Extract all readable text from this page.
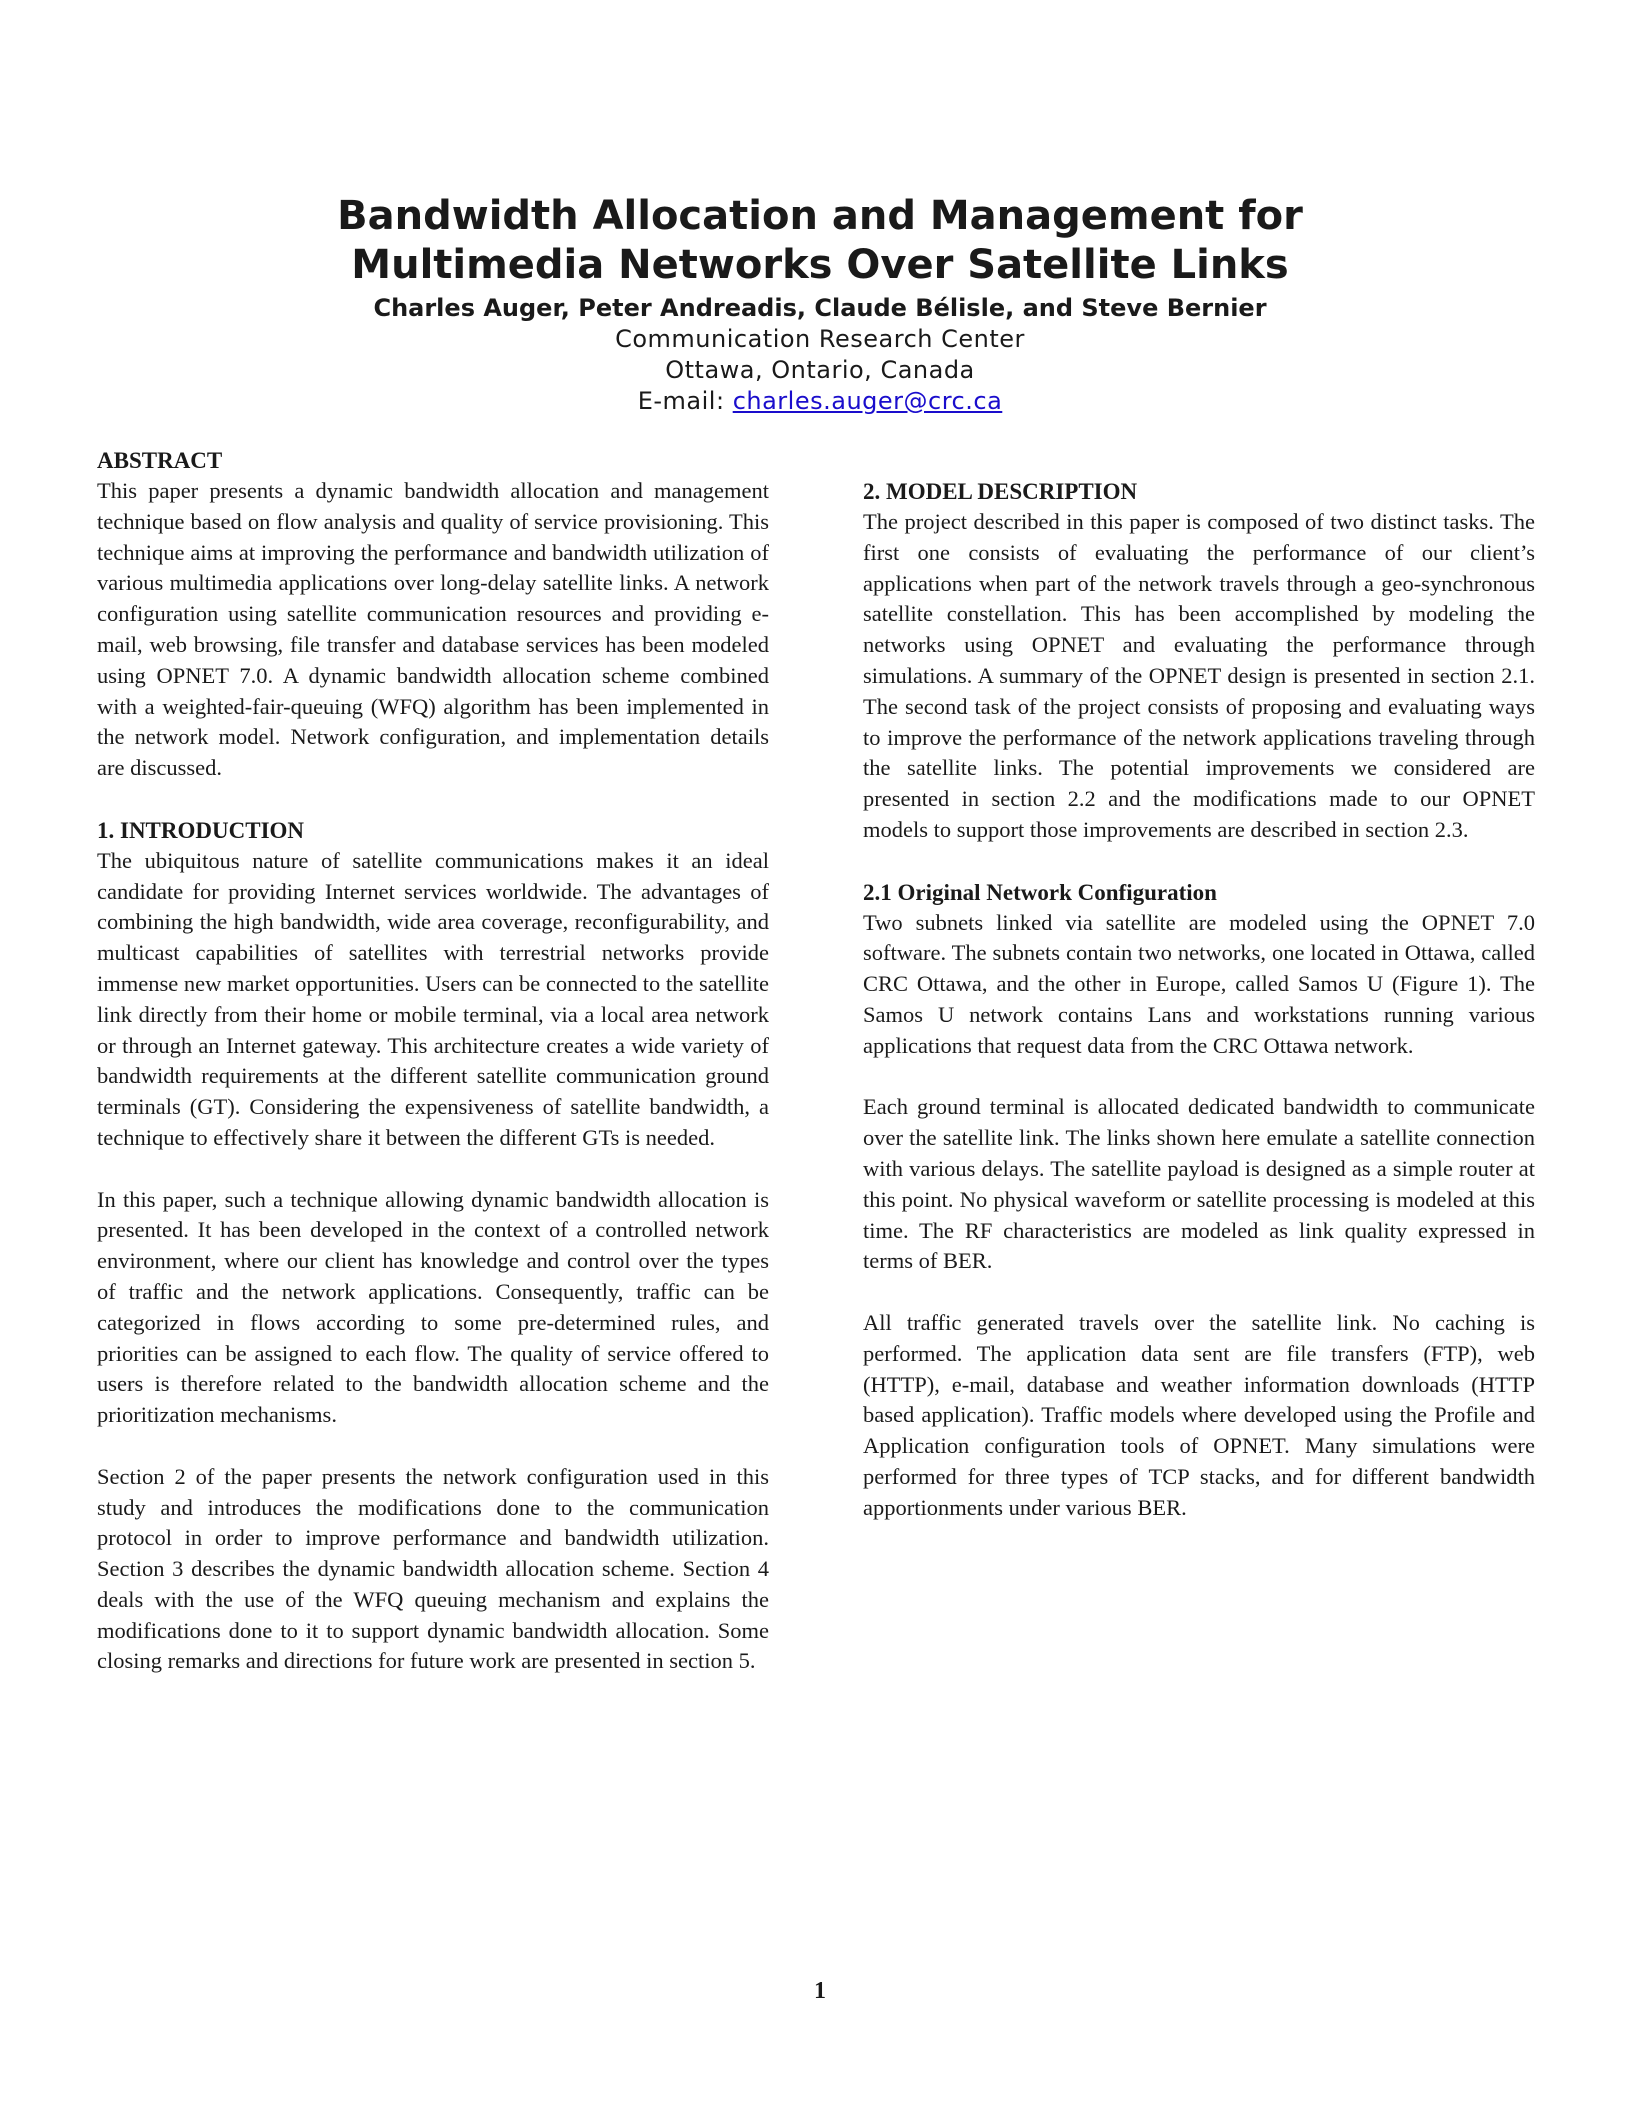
Bandwidth Allocation and Management for
Multimedia Networks Over Satellite Links
Charles Auger, Peter Andreadis, Claude Bélisle, and Steve Bernier
Communication Research Center
Ottawa, Ontario, Canada
E-mail: charles.auger@crc.ca
ABSTRACT

This paper presents a dynamic bandwidth allocation and management technique based on flow analysis and quality of service provisioning. This technique aims at improving the performance and bandwidth utilization of various multimedia applications over long-delay satellite links. A network configuration using satellite communication resources and providing e-mail, web browsing, file transfer and database services has been modeled using OPNET 7.0. A dynamic bandwidth allocation scheme combined with a weighted-fair-queuing (WFQ) algorithm has been implemented in the network model. Network configuration, and implementation details are discussed.

1. INTRODUCTION

The ubiquitous nature of satellite communications makes it an ideal candidate for providing Internet services worldwide. The advantages of combining the high bandwidth, wide area coverage, reconfigurability, and multicast capabilities of satellites with terrestrial networks provide immense new market opportunities. Users can be connected to the satellite link directly from their home or mobile terminal, via a local area network or through an Internet gateway. This architecture creates a wide variety of bandwidth requirements at the different satellite communication ground terminals (GT). Considering the expensiveness of satellite bandwidth, a technique to effectively share it between the different GTs is needed.

In this paper, such a technique allowing dynamic bandwidth allocation is presented. It has been developed in the context of a controlled network environment, where our client has knowledge and control over the types of traffic and the network applications. Consequently, traffic can be categorized in flows according to some pre-determined rules, and priorities can be assigned to each flow. The quality of service offered to users is therefore related to the bandwidth allocation scheme and the prioritization mechanisms.

Section 2 of the paper presents the network configuration used in this study and introduces the modifications done to the communication protocol in order to improve performance and bandwidth utilization. Section 3 describes the dynamic bandwidth allocation scheme. Section 4 deals with the use of the WFQ queuing mechanism and explains the modifications done to it to support dynamic bandwidth allocation. Some closing remarks and directions for future work are presented in section 5.

2. MODEL DESCRIPTION

The project described in this paper is composed of two distinct tasks. The first one consists of evaluating the performance of our client’s applications when part of the network travels through a geo-synchronous satellite constellation. This has been accomplished by modeling the networks using OPNET and evaluating the performance through simulations. A summary of the OPNET design is presented in section 2.1. The second task of the project consists of proposing and evaluating ways to improve the performance of the network applications traveling through the satellite links. The potential improvements we considered are presented in section 2.2 and the modifications made to our OPNET models to support those improvements are described in section 2.3.

2.1 Original Network Configuration

Two subnets linked via satellite are modeled using the OPNET 7.0 software. The subnets contain two networks, one located in Ottawa, called CRC Ottawa, and the other in Europe, called Samos U (Figure 1). The Samos U network contains Lans and workstations running various applications that request data from the CRC Ottawa network.

Each ground terminal is allocated dedicated bandwidth to communicate over the satellite link. The links shown here emulate a satellite connection with various delays. The satellite payload is designed as a simple router at this point. No physical waveform or satellite processing is modeled at this time. The RF characteristics are modeled as link quality expressed in terms of BER.

All traffic generated travels over the satellite link. No caching is performed. The application data sent are file transfers (FTP), web (HTTP), e-mail, database and weather information downloads (HTTP based application). Traffic models where developed using the Profile and Application configuration tools of OPNET. Many simulations were performed for three types of TCP stacks, and for different bandwidth apportionments under various BER.

1
